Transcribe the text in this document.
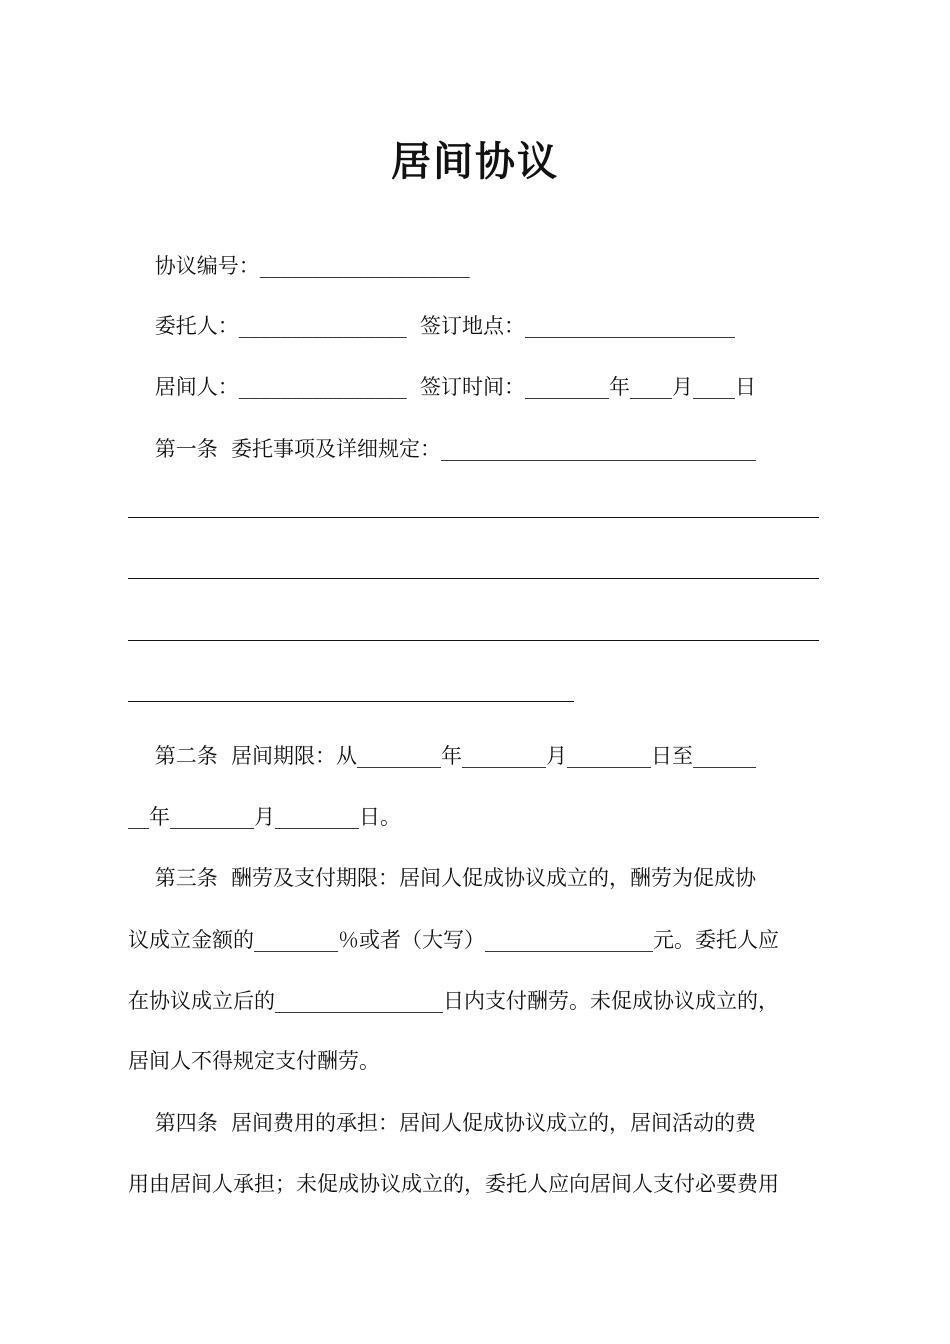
居间协议
协议编号：____________________
委托人：________________  签订地点：____________________
居间人：________________  签订时间：________年____月____日
第一条  委托事项及详细规定：______________________________
第二条  居间期限：从________年________月________日至______
__年________月________日。
第三条  酬劳及支付期限：居间人促成协议成立的，酬劳为促成协
议成立金额的________％或者（大写）________________元。委托人应
在协议成立后的________________日内支付酬劳。未促成协议成立的，
居间人不得规定支付酬劳。
第四条  居间费用的承担：居间人促成协议成立的，居间活动的费
用由居间人承担；未促成协议成立的，委托人应向居间人支付必要费用
